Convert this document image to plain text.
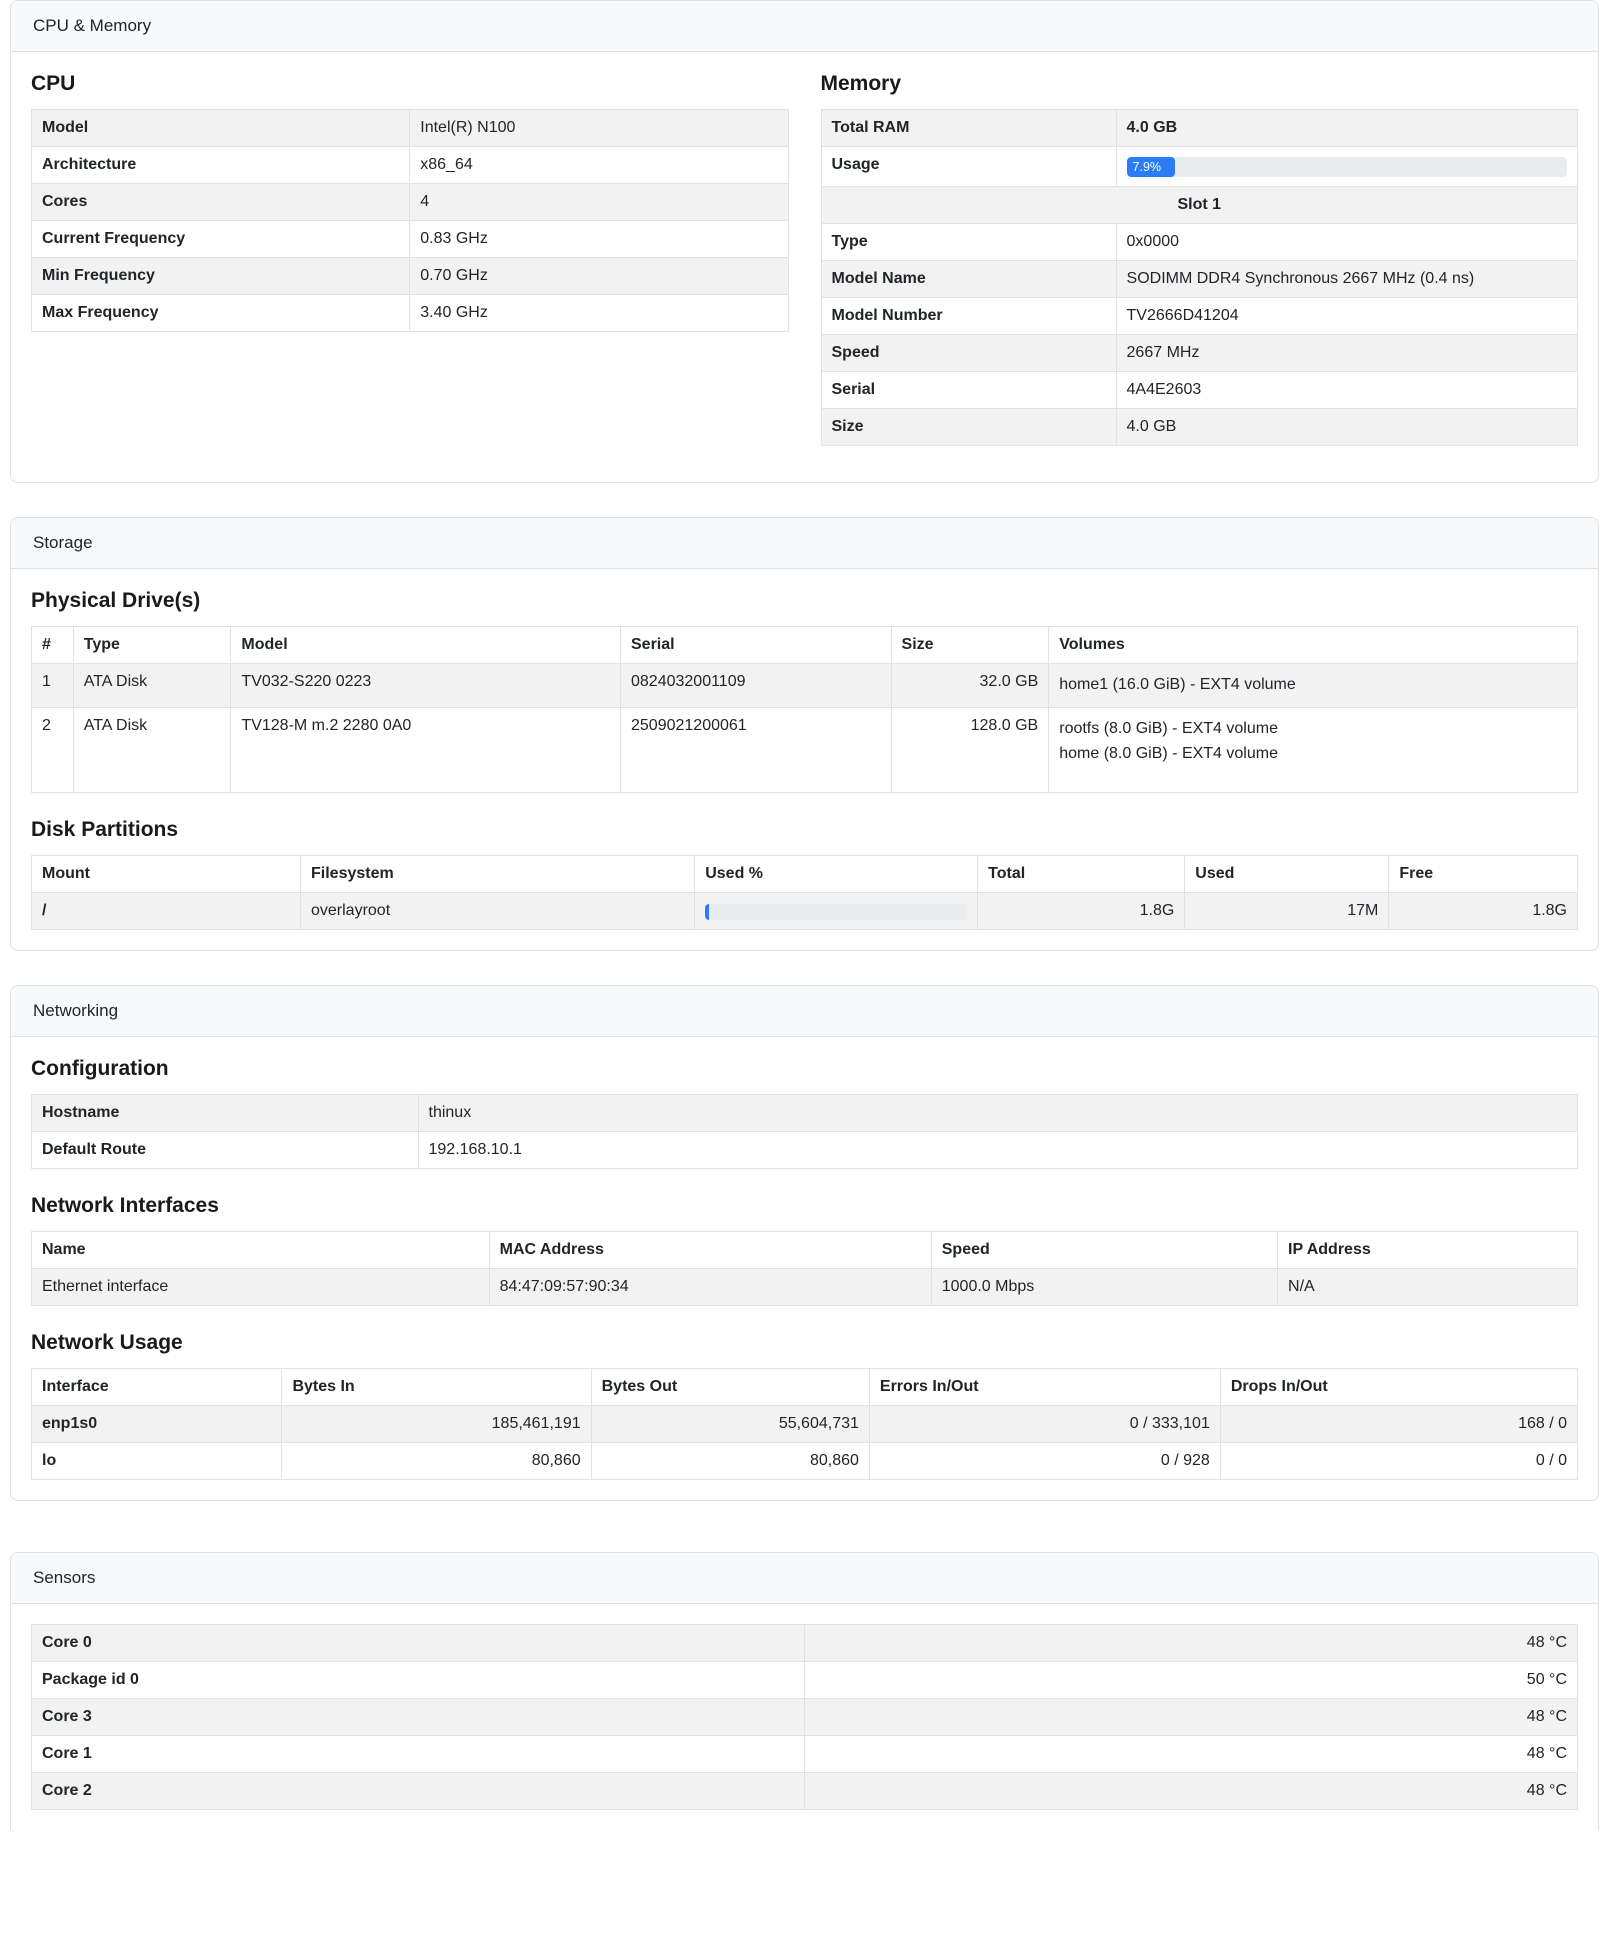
CPU & Memory
CPU
Model	Intel(R) N100
Architecture	x86_64
Cores	4
Current Frequency	0.83 GHz
Min Frequency	0.70 GHz
Max Frequency	3.40 GHz
Memory
Total RAM	4.0 GB
Usage	7.9%

Slot 1	
Type	0x0000
Model Name	SODIMM DDR4 Synchronous 2667 MHz (0.4 ns)
Model Number	TV2666D41204
Speed	2667 MHz
Serial	4A4E2603
Size	4.0 GB
Storage
Physical Drive(s)
#	Type	Model	Serial	Size	Volumes
1	ATA Disk	TV032-S220 0223	0824032001109	32.0 GB	home1 (16.0 GiB) - EXT4 volume

2	ATA Disk	TV128-M m.2 2280 0A0	2509021200061	128.0 GB	rootfs (8.0 GiB) - EXT4 volume
home (8.0 GiB) - EXT4 volume
Disk Partitions
Mount	Filesystem	Used %	Total	Used	Free
/	overlayroot		1.8G	17M	1.8G
Networking
Configuration
Hostname	thinux
Default Route	192.168.10.1
Network Interfaces
Name	MAC Address	Speed	IP Address
Ethernet interface	84:47:09:57:90:34	1000.0 Mbps	N/A
Network Usage
Interface	Bytes In	Bytes Out	Errors In/Out	Drops In/Out
enp1s0	185,461,191	55,604,731	0 / 333,101	168 / 0
lo	80,860	80,860	0 / 928	0 / 0
Sensors
Core 0	48 °C
Package id 0	50 °C
Core 3	48 °C
Core 1	48 °C
Core 2	48 °C
